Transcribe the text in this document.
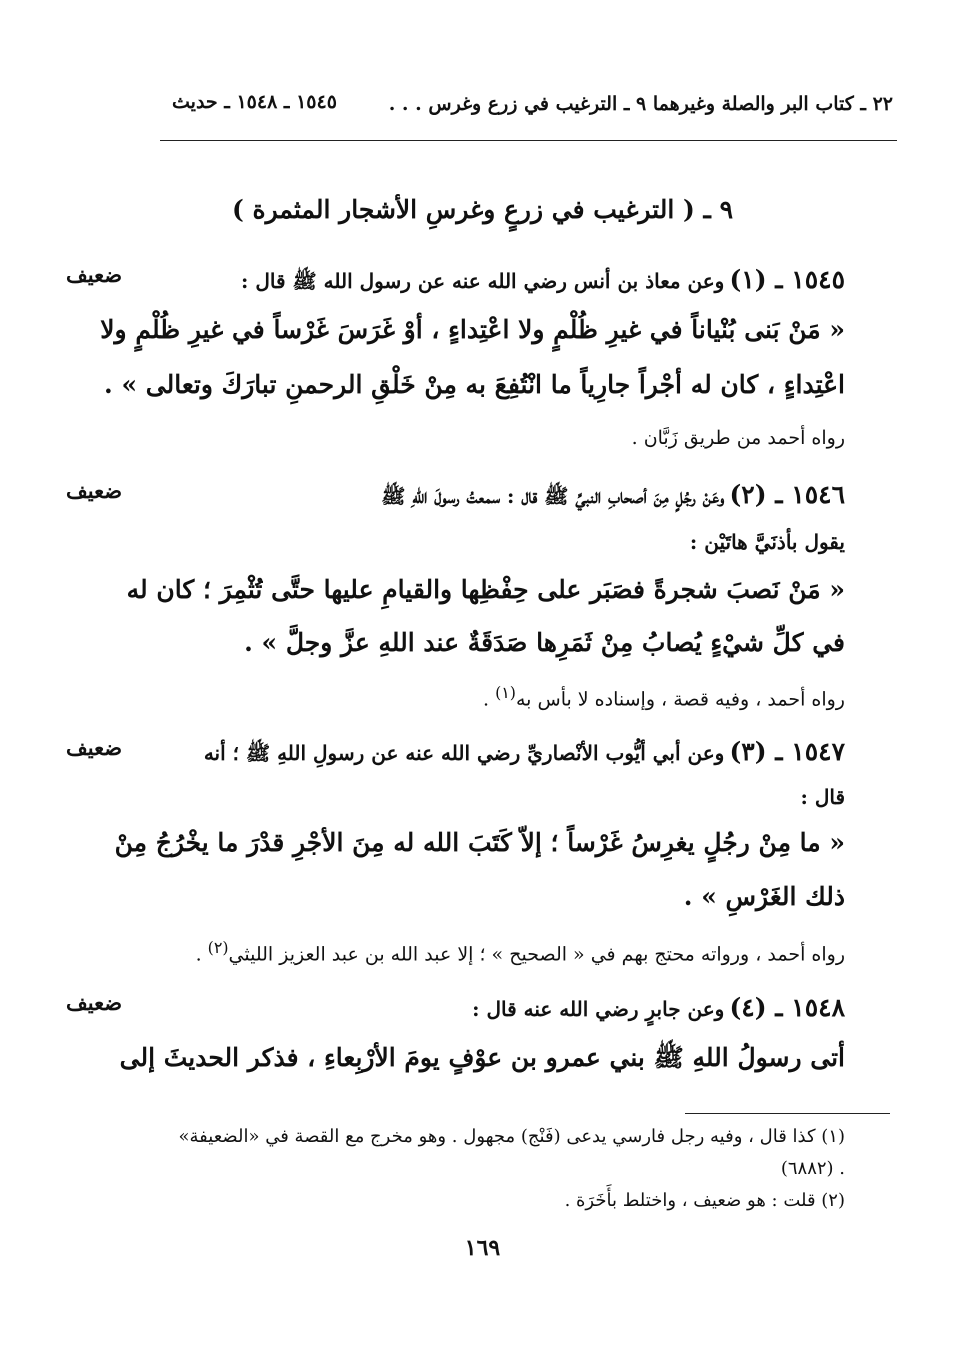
٢٢ ـ كتاب البر والصلة وغيرهما ٩ ـ الترغيب في زرع وغرس . . .
١٥٤٥ ـ ١٥٤٨ ـ حديث
٩ ـ ( الترغيب في زرعٍ وغرسِ الأشجار المثمرة )
ضعيف	١٥٤٥ ـ (١) وعن معاذ بن أنس رضي الله عنه عن رسول الله ﷺ قال :
« مَنْ بَنى بُنْياناً في غيرِ ظُلْمٍ ولا اعْتِداءٍ ، أوْ غَرَسَ غَرْساً في غيرِ ظُلْمٍ ولا
اعْتِداءٍ ، كان له أجْراً جارِياً ما انْتُفِعَ به مِنْ خَلْقِ الرحمنِ تبارَكَ وتعالى » .
رواه أحمد من طريق زَبَّان .
ضعيف	١٥٤٦ ـ (٢) وعَنْ رجُلٍ مِنَ أصحابِ النبيِّ ﷺ قال : سمعتُ رسولَ اللهِ ﷺ
يقول بأذنَيَّ هاتَيْن :
« مَنْ نَصبَ شجرةً فصَبَر على حِفْظِها والقيامِ عليها حتَّى تُثْمِرَ ؛ كان له
في كلِّ شيْءٍ يُصابُ مِنْ ثَمَرِها صَدَقَةٌ عند اللهِ عزَّ وجلَّ » .
رواه أحمد ، وفيه قصة ، وإسناده لا بأس به$^{(١)}$ .
ضعيف	١٥٤٧ ـ (٣) وعن أبي أيُّوب الأنْصاريِّ رضي الله عنه عن رسولِ اللهِ ﷺ ؛ أنه
قال :
« ما مِنْ رجُلٍ يغرِسُ غَرْساً ؛ إلاّ كَتَبَ الله له مِنَ الأجْرِ قدْرَ ما يخْرُجُ مِنْ
ذلك الغَرْسِ » .
رواه أحمد ، ورواته محتج بهم في « الصحيح » ؛ إلا عبد الله بن عبد العزيز الليثي$^{(٢)}$ .
ضعيف	١٥٤٨ ـ (٤) وعن جابرٍ رضي الله عنه قال :
أتى رسولُ اللهِ ﷺ بني عمرو بن عوْفٍ يومَ الأرْبِعاءِ ، فذكر الحديثَ إلى
(١) كذا قال ، وفيه رجل فارسي يدعى (فَنْج) مجهول . وهو مخرج مع القصة في «الضعيفة»
(٦٨٨٢) .
(٢) قلت : هو ضعيف ، واختلط بأَخَرَة .
١٦٩
